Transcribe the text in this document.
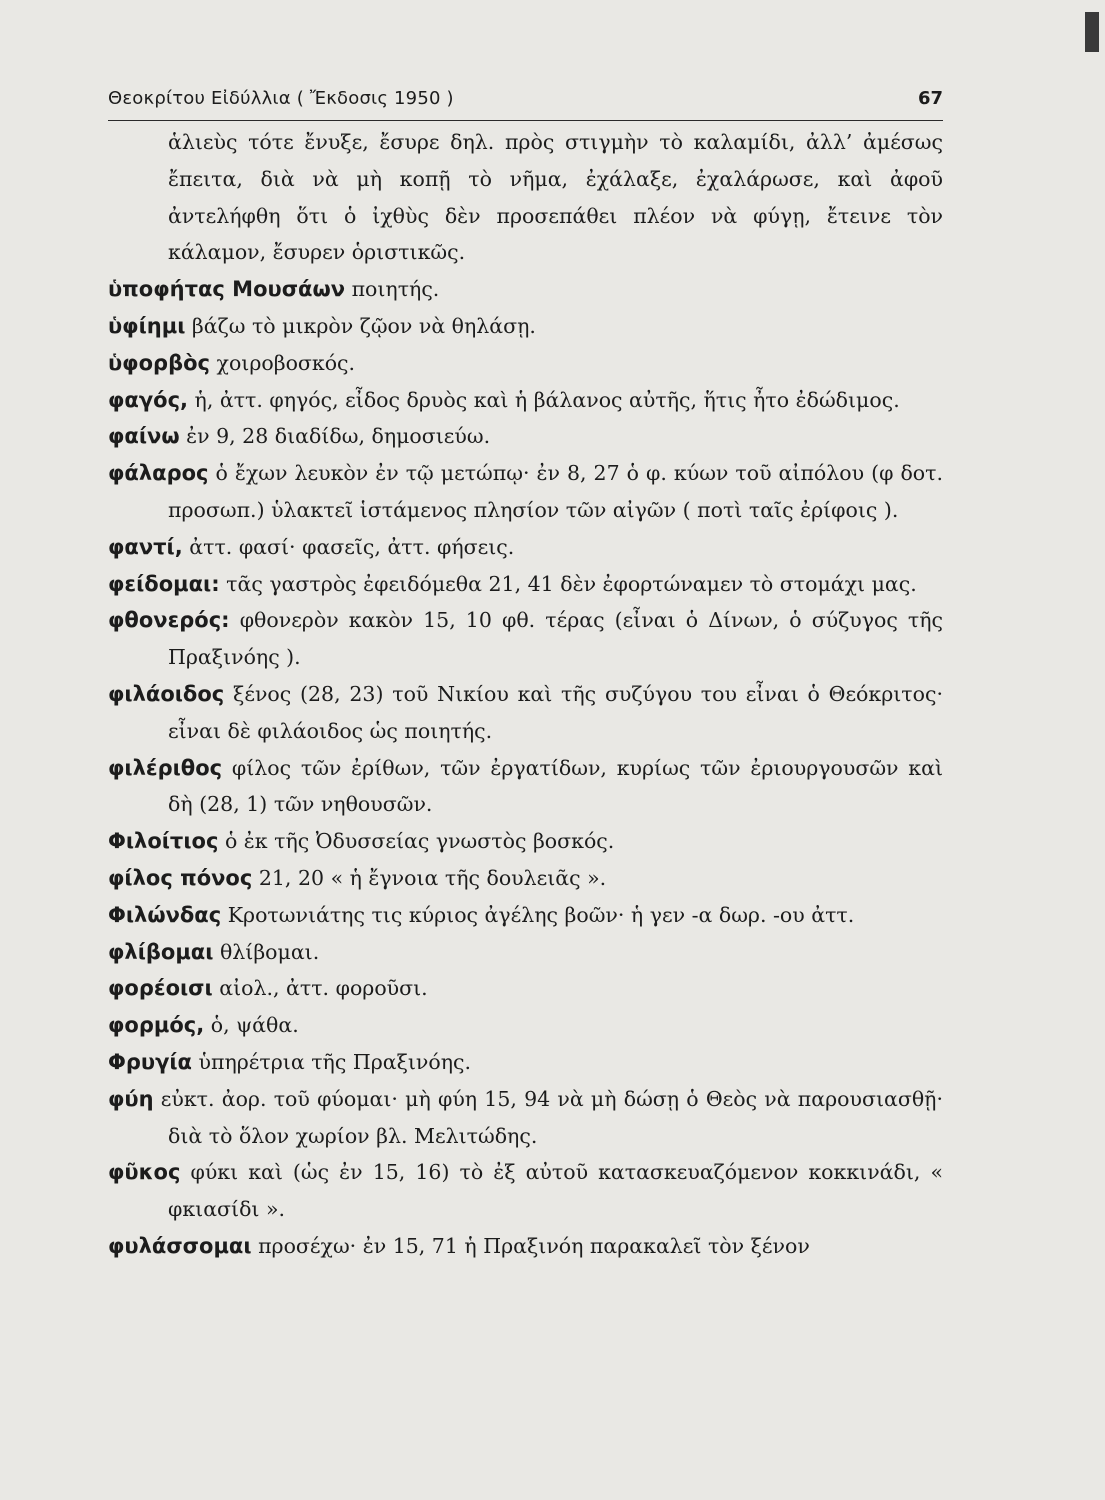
Θεοκρίτου Εἰδύλλια ( Ἔκδοσις 1950 )	67
ἁλιεὺς τότε ἔνυξε, ἔσυρε δηλ. πρὸς στιγμὴν τὸ καλαμίδι, ἀλλ’ ἀμέσως ἔπειτα, διὰ νὰ μὴ κοπῇ τὸ νῆμα, ἐχάλαξε, ἐχαλάρωσε, καὶ ἀφοῦ ἀντελήφθη ὅτι ὁ ἰχθὺς δὲν προσεπάθει πλέον νὰ φύγῃ, ἔτεινε τὸν κάλαμον, ἔσυρεν ὁριστικῶς.
ὑποφήτας Μουσάων ποιητής.
ὑφίημι βάζω τὸ μικρὸν ζῷον νὰ θηλάσῃ.
ὑφορβὸς χοιροβοσκός.
φαγός, ἡ, ἀττ. φηγός, εἶδος δρυὸς καὶ ἡ βάλανος αὐτῆς, ἥτις ἦτο ἐδώδιμος.
φαίνω ἐν 9, 28 διαδίδω, δημοσιεύω.
φάλαρος ὁ ἔχων λευκὸν ἐν τῷ μετώπῳ· ἐν 8, 27 ὁ φ. κύων τοῦ αἰπόλου (φ δοτ. προσωπ.) ὑλακτεῖ ἱστάμενος πλησίον τῶν αἰγῶν ( ποτὶ ταῖς ἐρίφοις ).
φαντί, ἀττ. φασί· φασεῖς, ἀττ. φήσεις.
φείδομαι: τᾶς γαστρὸς ἐφειδόμεθα 21, 41 δὲν ἐφορτώναμεν τὸ στομάχι μας.
φθονερός: φθονερὸν κακὸν 15, 10 φθ. τέρας (εἶναι ὁ Δίνων, ὁ σύζυγος τῆς Πραξινόης ).
φιλάοιδος ξένος (28, 23) τοῦ Νικίου καὶ τῆς συζύγου του εἶναι ὁ Θεόκριτος· εἶναι δὲ φιλάοιδος ὡς ποιητής.
φιλέριθος φίλος τῶν ἐρίθων, τῶν ἐργατίδων, κυρίως τῶν ἐριουργουσῶν καὶ δὴ (28, 1) τῶν νηθουσῶν.
Φιλοίτιος ὁ ἐκ τῆς Ὀδυσσείας γνωστὸς βοσκός.
φίλος πόνος 21, 20 « ἡ ἔγνοια τῆς δουλειᾶς ».
Φιλώνδας Κροτωνιάτης τις κύριος ἀγέλης βοῶν· ἡ γεν -α δωρ. -ου ἀττ.
φλίβομαι θλίβομαι.
φορέοισι αἰολ., ἀττ. φοροῦσι.
φορμός, ὁ, ψάθα.
Φρυγία ὑπηρέτρια τῆς Πραξινόης.
φύη εὐκτ. ἀορ. τοῦ φύομαι· μὴ φύη 15, 94 νὰ μὴ δώσῃ ὁ Θεὸς νὰ παρουσιασθῇ· διὰ τὸ ὅλον χωρίον βλ. Μελιτώδης.
φῦκος φύκι καὶ (ὡς ἐν 15, 16) τὸ ἐξ αὐτοῦ κατασκευαζόμενον κοκκινάδι, « φκιασίδι ».
φυλάσσομαι προσέχω· ἐν 15, 71 ἡ Πραξινόη παρακαλεῖ τὸν ξένον
